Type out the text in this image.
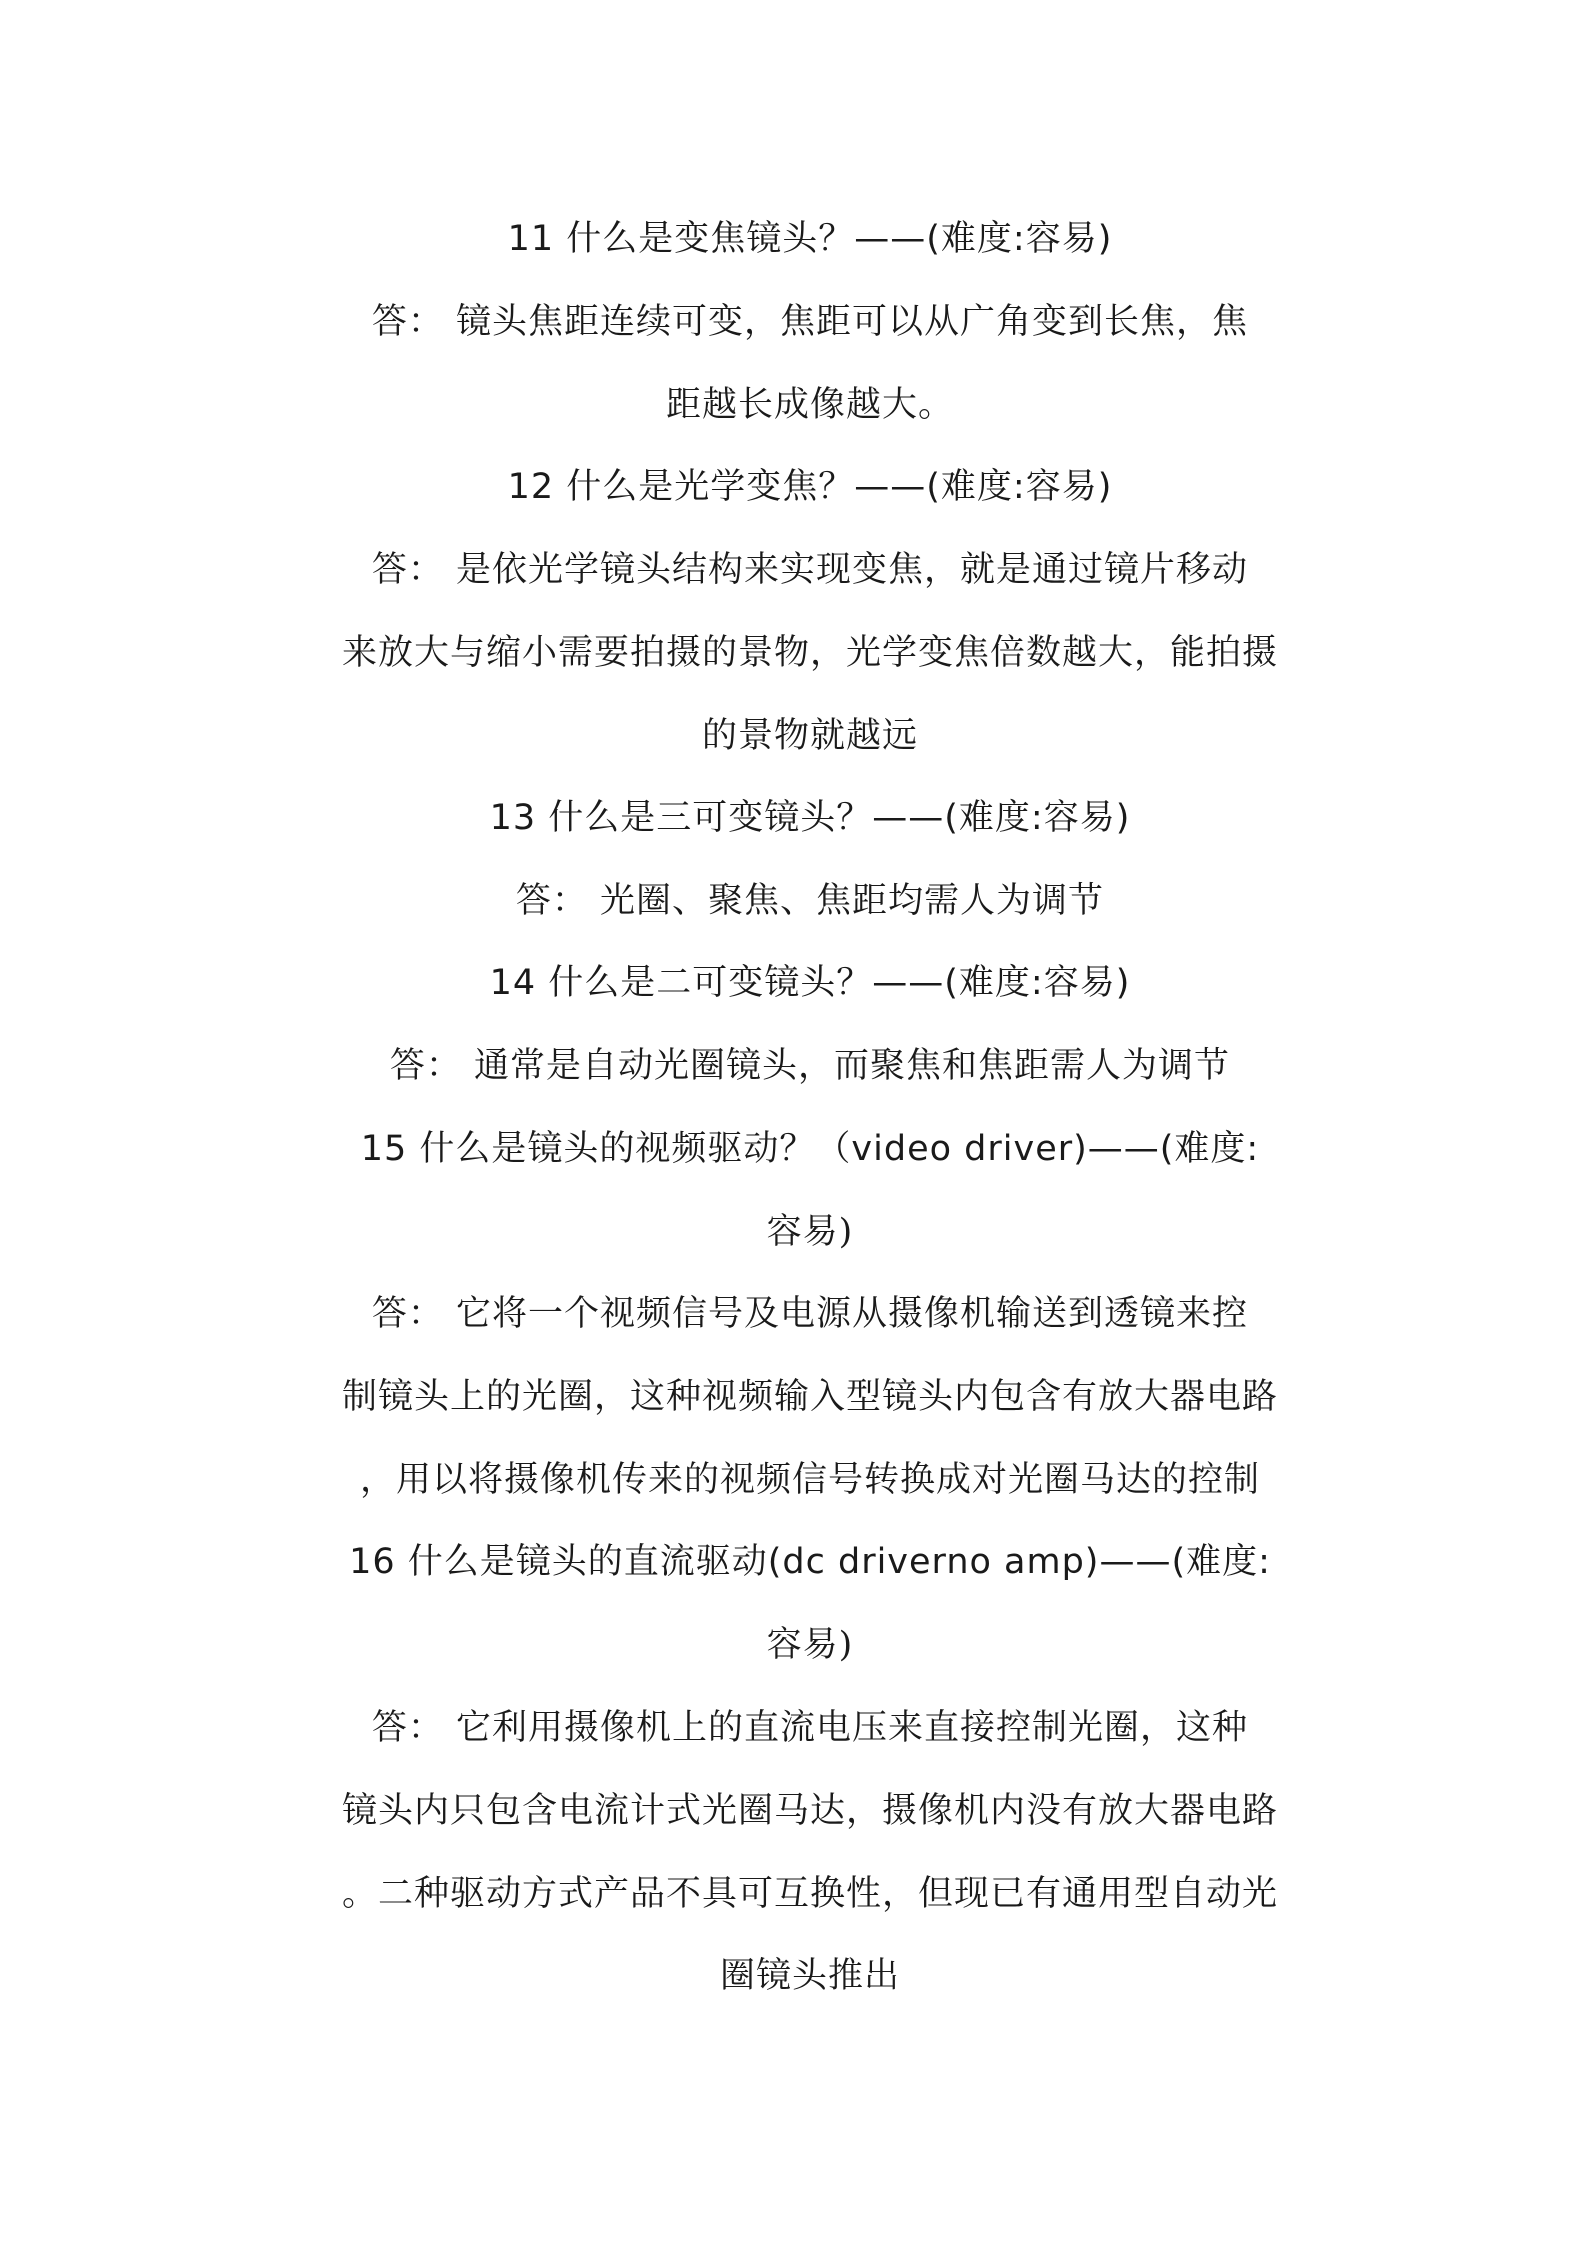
11 什么是变焦镜头？——(难度:容易)
答： 镜头焦距连续可变，焦距可以从广角变到长焦，焦
距越长成像越大。
12 什么是光学变焦？——(难度:容易)
答： 是依光学镜头结构来实现变焦，就是通过镜片移动
来放大与缩小需要拍摄的景物，光学变焦倍数越大，能拍摄
的景物就越远
13 什么是三可变镜头？——(难度:容易)
答： 光圈、聚焦、焦距均需人为调节
14 什么是二可变镜头？——(难度:容易)
答： 通常是自动光圈镜头，而聚焦和焦距需人为调节
15 什么是镜头的视频驱动？（video driver)——(难度:
容易)
答： 它将一个视频信号及电源从摄像机输送到透镜来控
制镜头上的光圈，这种视频输入型镜头内包含有放大器电路
，用以将摄像机传来的视频信号转换成对光圈马达的控制
16 什么是镜头的直流驱动(dc driverno amp)——(难度:
容易)
答： 它利用摄像机上的直流电压来直接控制光圈，这种
镜头内只包含电流计式光圈马达，摄像机内没有放大器电路
。二种驱动方式产品不具可互换性，但现已有通用型自动光
圈镜头推出
